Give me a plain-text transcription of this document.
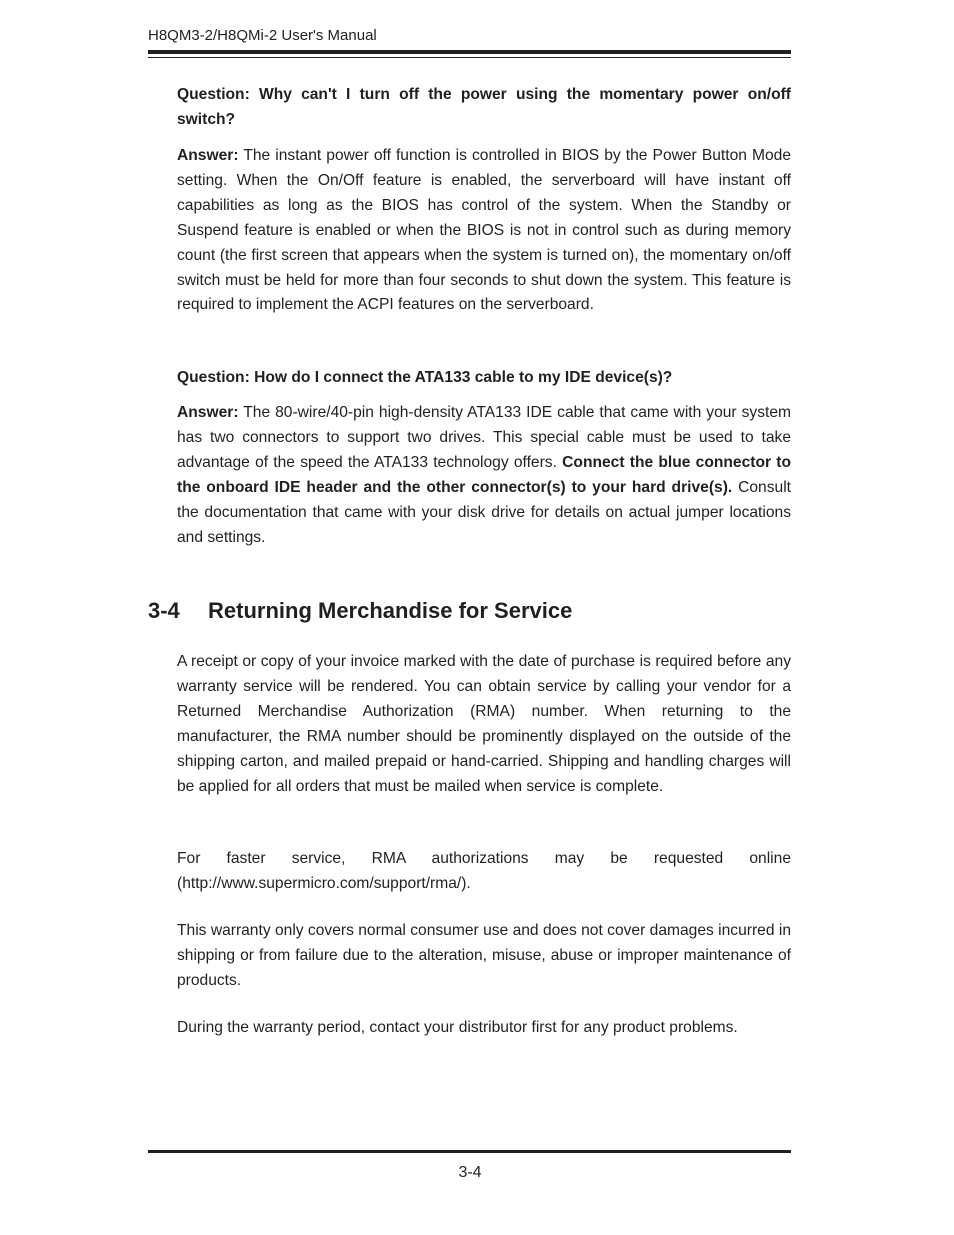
H8QM3-2/H8QMi-2 User's Manual

Question: Why can't I turn off the power using the momentary power on/off switch?

Answer: The instant power off function is controlled in BIOS by the Power Button Mode setting. When the On/Off feature is enabled, the serverboard will have instant off capabilities as long as the BIOS has control of the system. When the Standby or Suspend feature is enabled or when the BIOS is not in control such as during memory count (the first screen that appears when the system is turned on), the momentary on/off switch must be held for more than four seconds to shut down the system. This feature is required to implement the ACPI features on the serverboard.

Question: How do I connect the ATA133 cable to my IDE device(s)?

Answer: The 80-wire/40-pin high-density ATA133 IDE cable that came with your system has two connectors to support two drives. This special cable must be used to take advantage of the speed the ATA133 technology offers. Connect the blue connector to the onboard IDE header and the other connector(s) to your hard drive(s). Consult the documentation that came with your disk drive for details on actual jumper locations and settings.

A receipt or copy of your invoice marked with the date of purchase is required before any warranty service will be rendered. You can obtain service by calling your vendor for a Returned Merchandise Authorization (RMA) number. When returning to the manufacturer, the RMA number should be prominently displayed on the outside of the shipping carton, and mailed prepaid or hand-carried. Shipping and handling charges will be applied for all orders that must be mailed when service is complete.

For faster service, RMA authorizations may be requested online (http://www.supermicro.com/support/rma/).

This warranty only covers normal consumer use and does not cover damages incurred in shipping or from failure due to the alteration, misuse, abuse or improper maintenance of products.

During the warranty period, contact your distributor first for any product problems.

3-4 Returning Merchandise for Service
3-4
